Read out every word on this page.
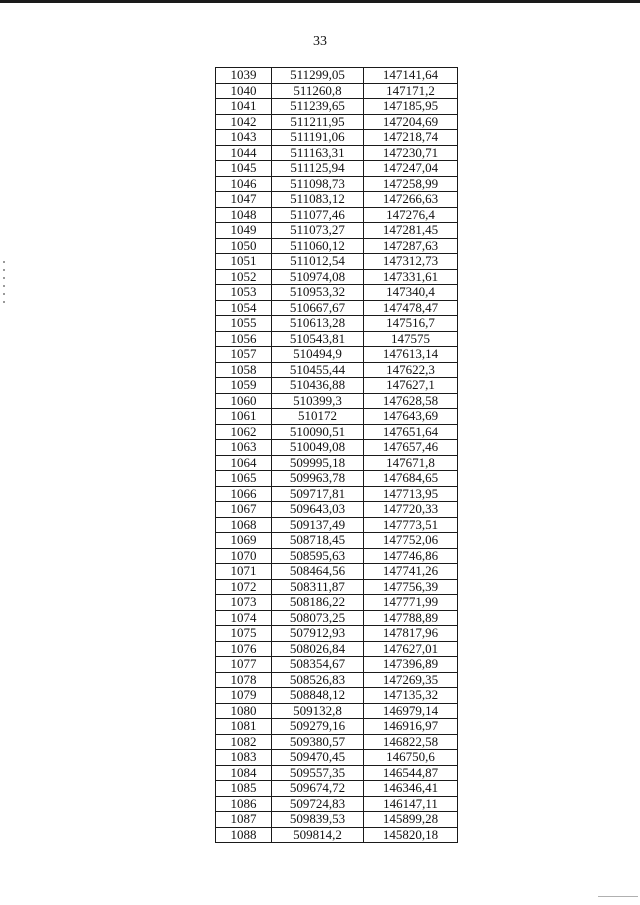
33
1039	511299,05	147141,64
1040	511260,8	147171,2
1041	511239,65	147185,95
1042	511211,95	147204,69
1043	511191,06	147218,74
1044	511163,31	147230,71
1045	511125,94	147247,04
1046	511098,73	147258,99
1047	511083,12	147266,63
1048	511077,46	147276,4
1049	511073,27	147281,45
1050	511060,12	147287,63
1051	511012,54	147312,73
1052	510974,08	147331,61
1053	510953,32	147340,4
1054	510667,67	147478,47
1055	510613,28	147516,7
1056	510543,81	147575
1057	510494,9	147613,14
1058	510455,44	147622,3
1059	510436,88	147627,1
1060	510399,3	147628,58
1061	510172	147643,69
1062	510090,51	147651,64
1063	510049,08	147657,46
1064	509995,18	147671,8
1065	509963,78	147684,65
1066	509717,81	147713,95
1067	509643,03	147720,33
1068	509137,49	147773,51
1069	508718,45	147752,06
1070	508595,63	147746,86
1071	508464,56	147741,26
1072	508311,87	147756,39
1073	508186,22	147771,99
1074	508073,25	147788,89
1075	507912,93	147817,96
1076	508026,84	147627,01
1077	508354,67	147396,89
1078	508526,83	147269,35
1079	508848,12	147135,32
1080	509132,8	146979,14
1081	509279,16	146916,97
1082	509380,57	146822,58
1083	509470,45	146750,6
1084	509557,35	146544,87
1085	509674,72	146346,41
1086	509724,83	146147,11
1087	509839,53	145899,28
1088	509814,2	145820,18
